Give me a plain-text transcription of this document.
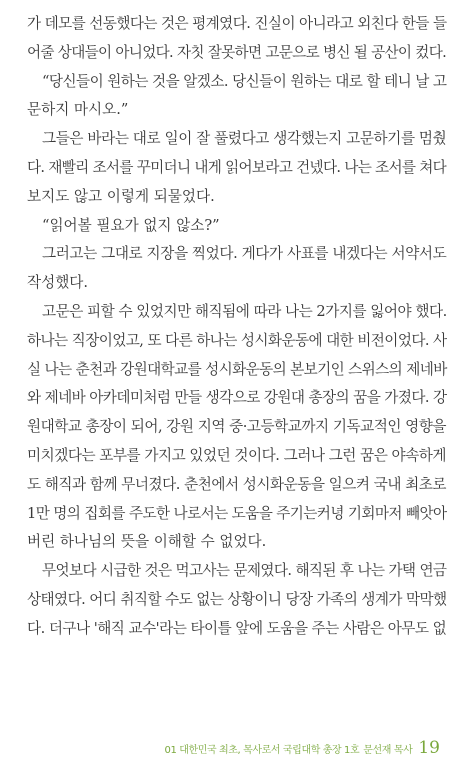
가 데모를 선동했다는 것은 평계였다. 진실이 아니라고 외친다 한들 들
어줄 상대들이 아니었다. 자칫 잘못하면 고문으로 병신 될 공산이 컸다.
“당신들이 원하는 것을 알겠소. 당신들이 원하는 대로 할 테니 날 고
문하지 마시오.”
그들은 바라는 대로 일이 잘 풀렸다고 생각했는지 고문하기를 멈췄
다. 재빨리 조서를 꾸미더니 내게 읽어보라고 건넸다. 나는 조서를 쳐다
보지도 않고 이렇게 되물었다.
“읽어볼 필요가 없지 않소?”
그러고는 그대로 지장을 찍었다. 게다가 사표를 내겠다는 서약서도
작성했다.
고문은 피할 수 있었지만 해직됨에 따라 나는 2가지를 잃어야 했다.
하나는 직장이었고, 또 다른 하나는 성시화운동에 대한 비전이었다. 사
실 나는 춘천과 강원대학교를 성시화운동의 본보기인 스위스의 제네바
와 제네바 아카데미처럼 만들 생각으로 강원대 총장의 꿈을 가졌다. 강
원대학교 총장이 되어, 강원 지역 중·고등학교까지 기독교적인 영향을
미치겠다는 포부를 가지고 있었던 것이다. 그러나 그런 꿈은 야속하게
도 해직과 함께 무너졌다. 춘천에서 성시화운동을 일으켜 국내 최초로
1만 명의 집회를 주도한 나로서는 도움을 주기는커녕 기회마저 빼앗아
버린 하나님의 뜻을 이해할 수 없었다.
무엇보다 시급한 것은 먹고사는 문제였다. 해직된 후 나는 가택 연금
상태였다. 어디 취직할 수도 없는 상황이니 당장 가족의 생계가 막막했
다. 더구나 '해직 교수'라는 타이틀 앞에 도움을 주는 사람은 아무도 없
01 대한민국 최초, 목사로서 국립대학 총장 1호 문선재 목사 19
